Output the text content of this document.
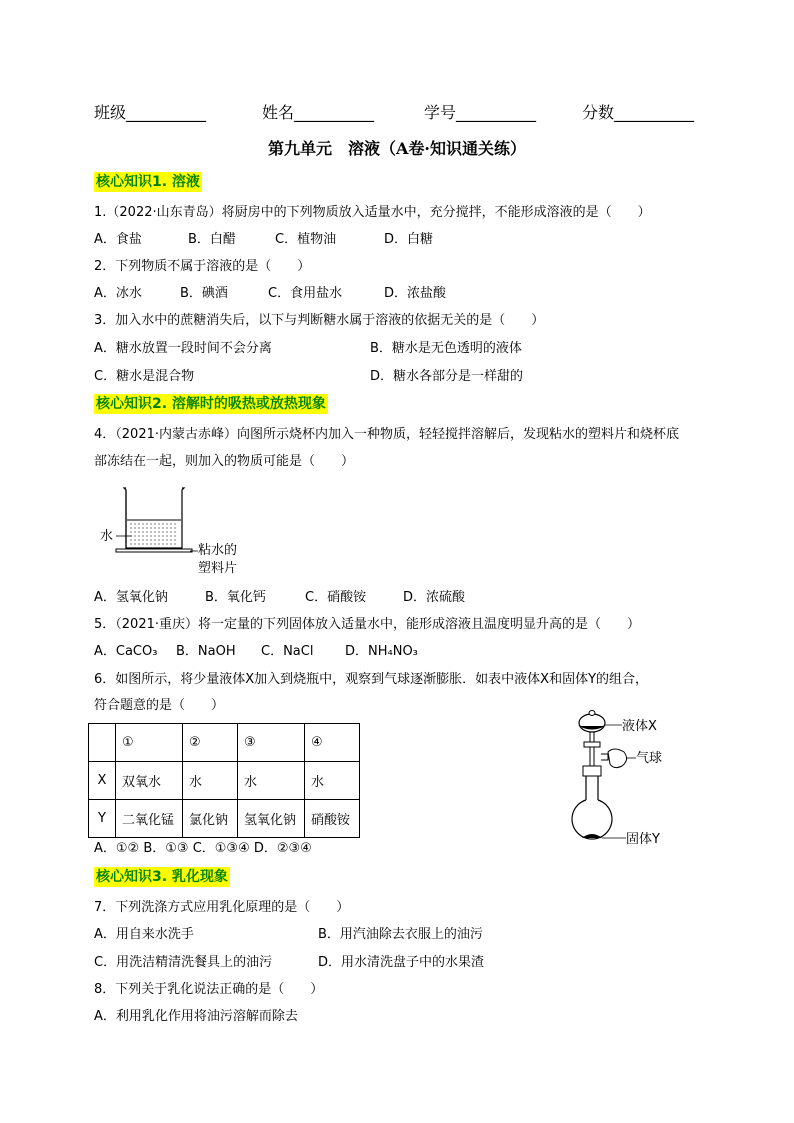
班级__________	姓名__________	学号__________	分数__________
第九单元　溶液（A卷·知识通关练）
核心知识1. 溶液
1.（2022·山东青岛）将厨房中的下列物质放入适量水中，充分搅拌，不能形成溶液的是（　　）
A．食盐	B．白醋	C．植物油	D．白糖
2．下列物质不属于溶液的是（　　）
A．冰水	B．碘酒	C．食用盐水	D．浓盐酸
3．加入水中的蔗糖消失后，以下与判断糖水属于溶液的依据无关的是（　　）
A．糖水放置一段时间不会分离	B．糖水是无色透明的液体
C．糖水是混合物	D．糖水各部分是一样甜的
核心知识2. 溶解时的吸热或放热现象
4．（2021·内蒙古赤峰）向图所示烧杯内加入一种物质，轻轻搅拌溶解后，发现粘水的塑料片和烧杯底
部冻结在一起，则加入的物质可能是（　　）
水
粘水的
塑料片
A．氢氧化钠	B．氧化钙	C．硝酸铵	D．浓硫酸
5．（2021·重庆）将一定量的下列固体放入适量水中，能形成溶液且温度明显升高的是（　　）
A．CaCO₃ B．NaOH C．NaCl D．NH₄NO₃
6．如图所示，将少量液体X加入到烧瓶中，观察到气球逐渐膨胀．如表中液体X和固体Y的组合，
符合题意的是（　　）
	①	②	③	④
X	双氧水	水	水	水
Y	二氧化锰	氯化钠	氢氧化钠	硝酸铵
液体X
气球
固体Y
A．①② B．①③ C．①③④ D．②③④
核心知识3. 乳化现象
7．下列洗涤方式应用乳化原理的是（　　）
A．用自来水洗手	B．用汽油除去衣服上的油污
C．用洗洁精清洗餐具上的油污	D．用水清洗盘子中的水果渣
8．下列关于乳化说法正确的是（　　）
A．利用乳化作用将油污溶解而除去
